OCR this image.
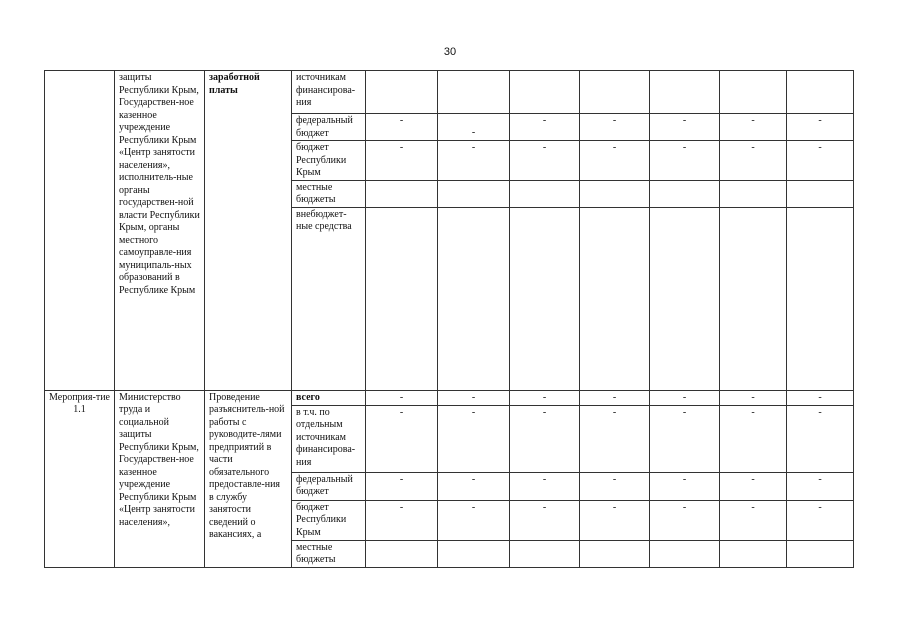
30

	защиты Республики Крым, Государствен-ное казенное учреждение Республики Крым «Центр занятости населения», исполнитель-ные органы государствен-ной власти Республики Крым, органы местного самоуправле-ния муниципаль-ных образований в Республике Крым	заработной платы	источникам финансирова-ния							
			федеральный бюджет	-	-	-	-	-	-	-
			бюджет Республики Крым	-	-	-	-	-	-	-
			местные бюджеты							
			внебюджет-ные средства							

Мероприя-тие 1.1	Министерство труда и социальной защиты Республики Крым, Государствен-ное казенное учреждение Республики Крым «Центр занятости населения»,	Проведение разъяснитель-ной работы с руководите-лями предприятий в части обязательного предоставле-ния в службу занятости сведений о вакансиях, а	всего	-	-	-	-	-	-	-
			в т.ч. по отдельным источникам финансирова-ния	-	-	-	-	-	-	-
			федеральный бюджет	-	-	-	-	-	-	-
			бюджет Республики Крым	-	-	-	-	-	-	-
			местные бюджеты							
